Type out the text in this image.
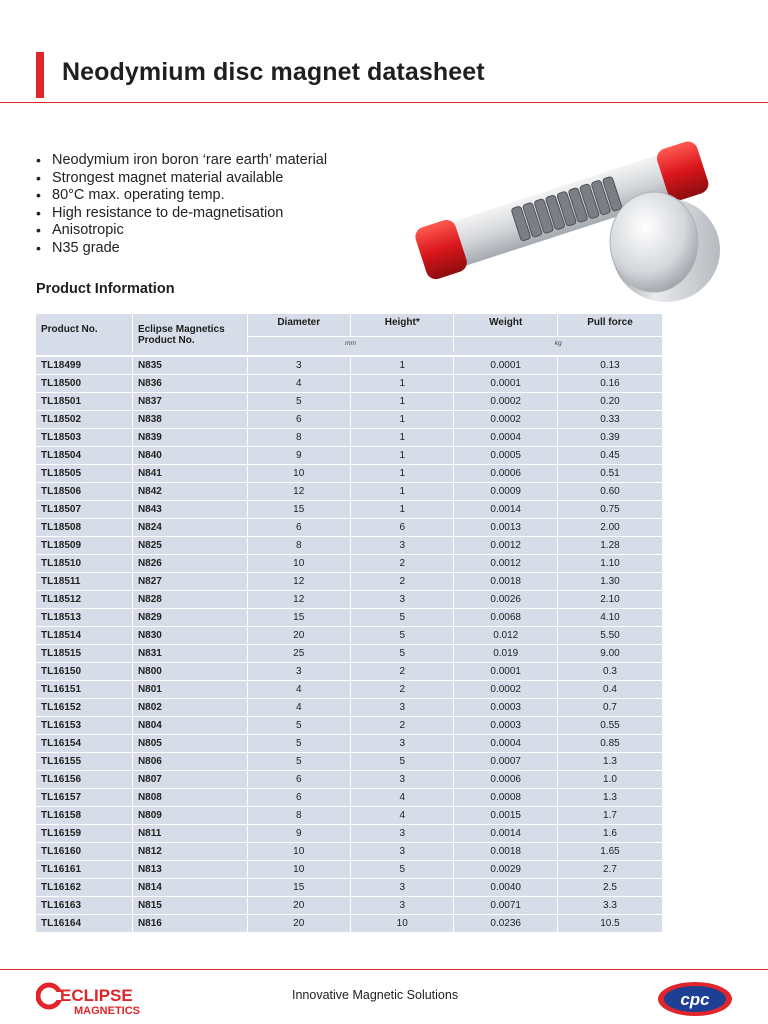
Neodymium disc magnet datasheet
• Neodymium iron boron ‘rare earth’ material
• Strongest magnet material available
• 80°C max. operating temp.
• High resistance to de-magnetisation
• Anisotropic
• N35 grade
Product Information
Product No.	Eclipse Magnetics Product No.	Diameter	Height*	Weight	Pull force
		mm		kg	

TL18499	N835	3	1	0.0001	0.13
TL18500	N836	4	1	0.0001	0.16
TL18501	N837	5	1	0.0002	0.20
TL18502	N838	6	1	0.0002	0.33
TL18503	N839	8	1	0.0004	0.39
TL18504	N840	9	1	0.0005	0.45
TL18505	N841	10	1	0.0006	0.51
TL18506	N842	12	1	0.0009	0.60
TL18507	N843	15	1	0.0014	0.75
TL18508	N824	6	6	0.0013	2.00
TL18509	N825	8	3	0.0012	1.28
TL18510	N826	10	2	0.0012	1.10
TL18511	N827	12	2	0.0018	1.30
TL18512	N828	12	3	0.0026	2.10
TL18513	N829	15	5	0.0068	4.10
TL18514	N830	20	5	0.012	5.50
TL18515	N831	25	5	0.019	9.00
TL16150	N800	3	2	0.0001	0.3
TL16151	N801	4	2	0.0002	0.4
TL16152	N802	4	3	0.0003	0.7
TL16153	N804	5	2	0.0003	0.55
TL16154	N805	5	3	0.0004	0.85
TL16155	N806	5	5	0.0007	1.3
TL16156	N807	6	3	0.0006	1.0
TL16157	N808	6	4	0.0008	1.3
TL16158	N809	8	4	0.0015	1.7
TL16159	N811	9	3	0.0014	1.6
TL16160	N812	10	3	0.0018	1.65
TL16161	N813	10	5	0.0029	2.7
TL16162	N814	15	3	0.0040	2.5
TL16163	N815	20	3	0.0071	3.3
TL16164	N816	20	10	0.0236	10.5
ECLIPSE
MAGNETICS
Innovative Magnetic Solutions	cpc
